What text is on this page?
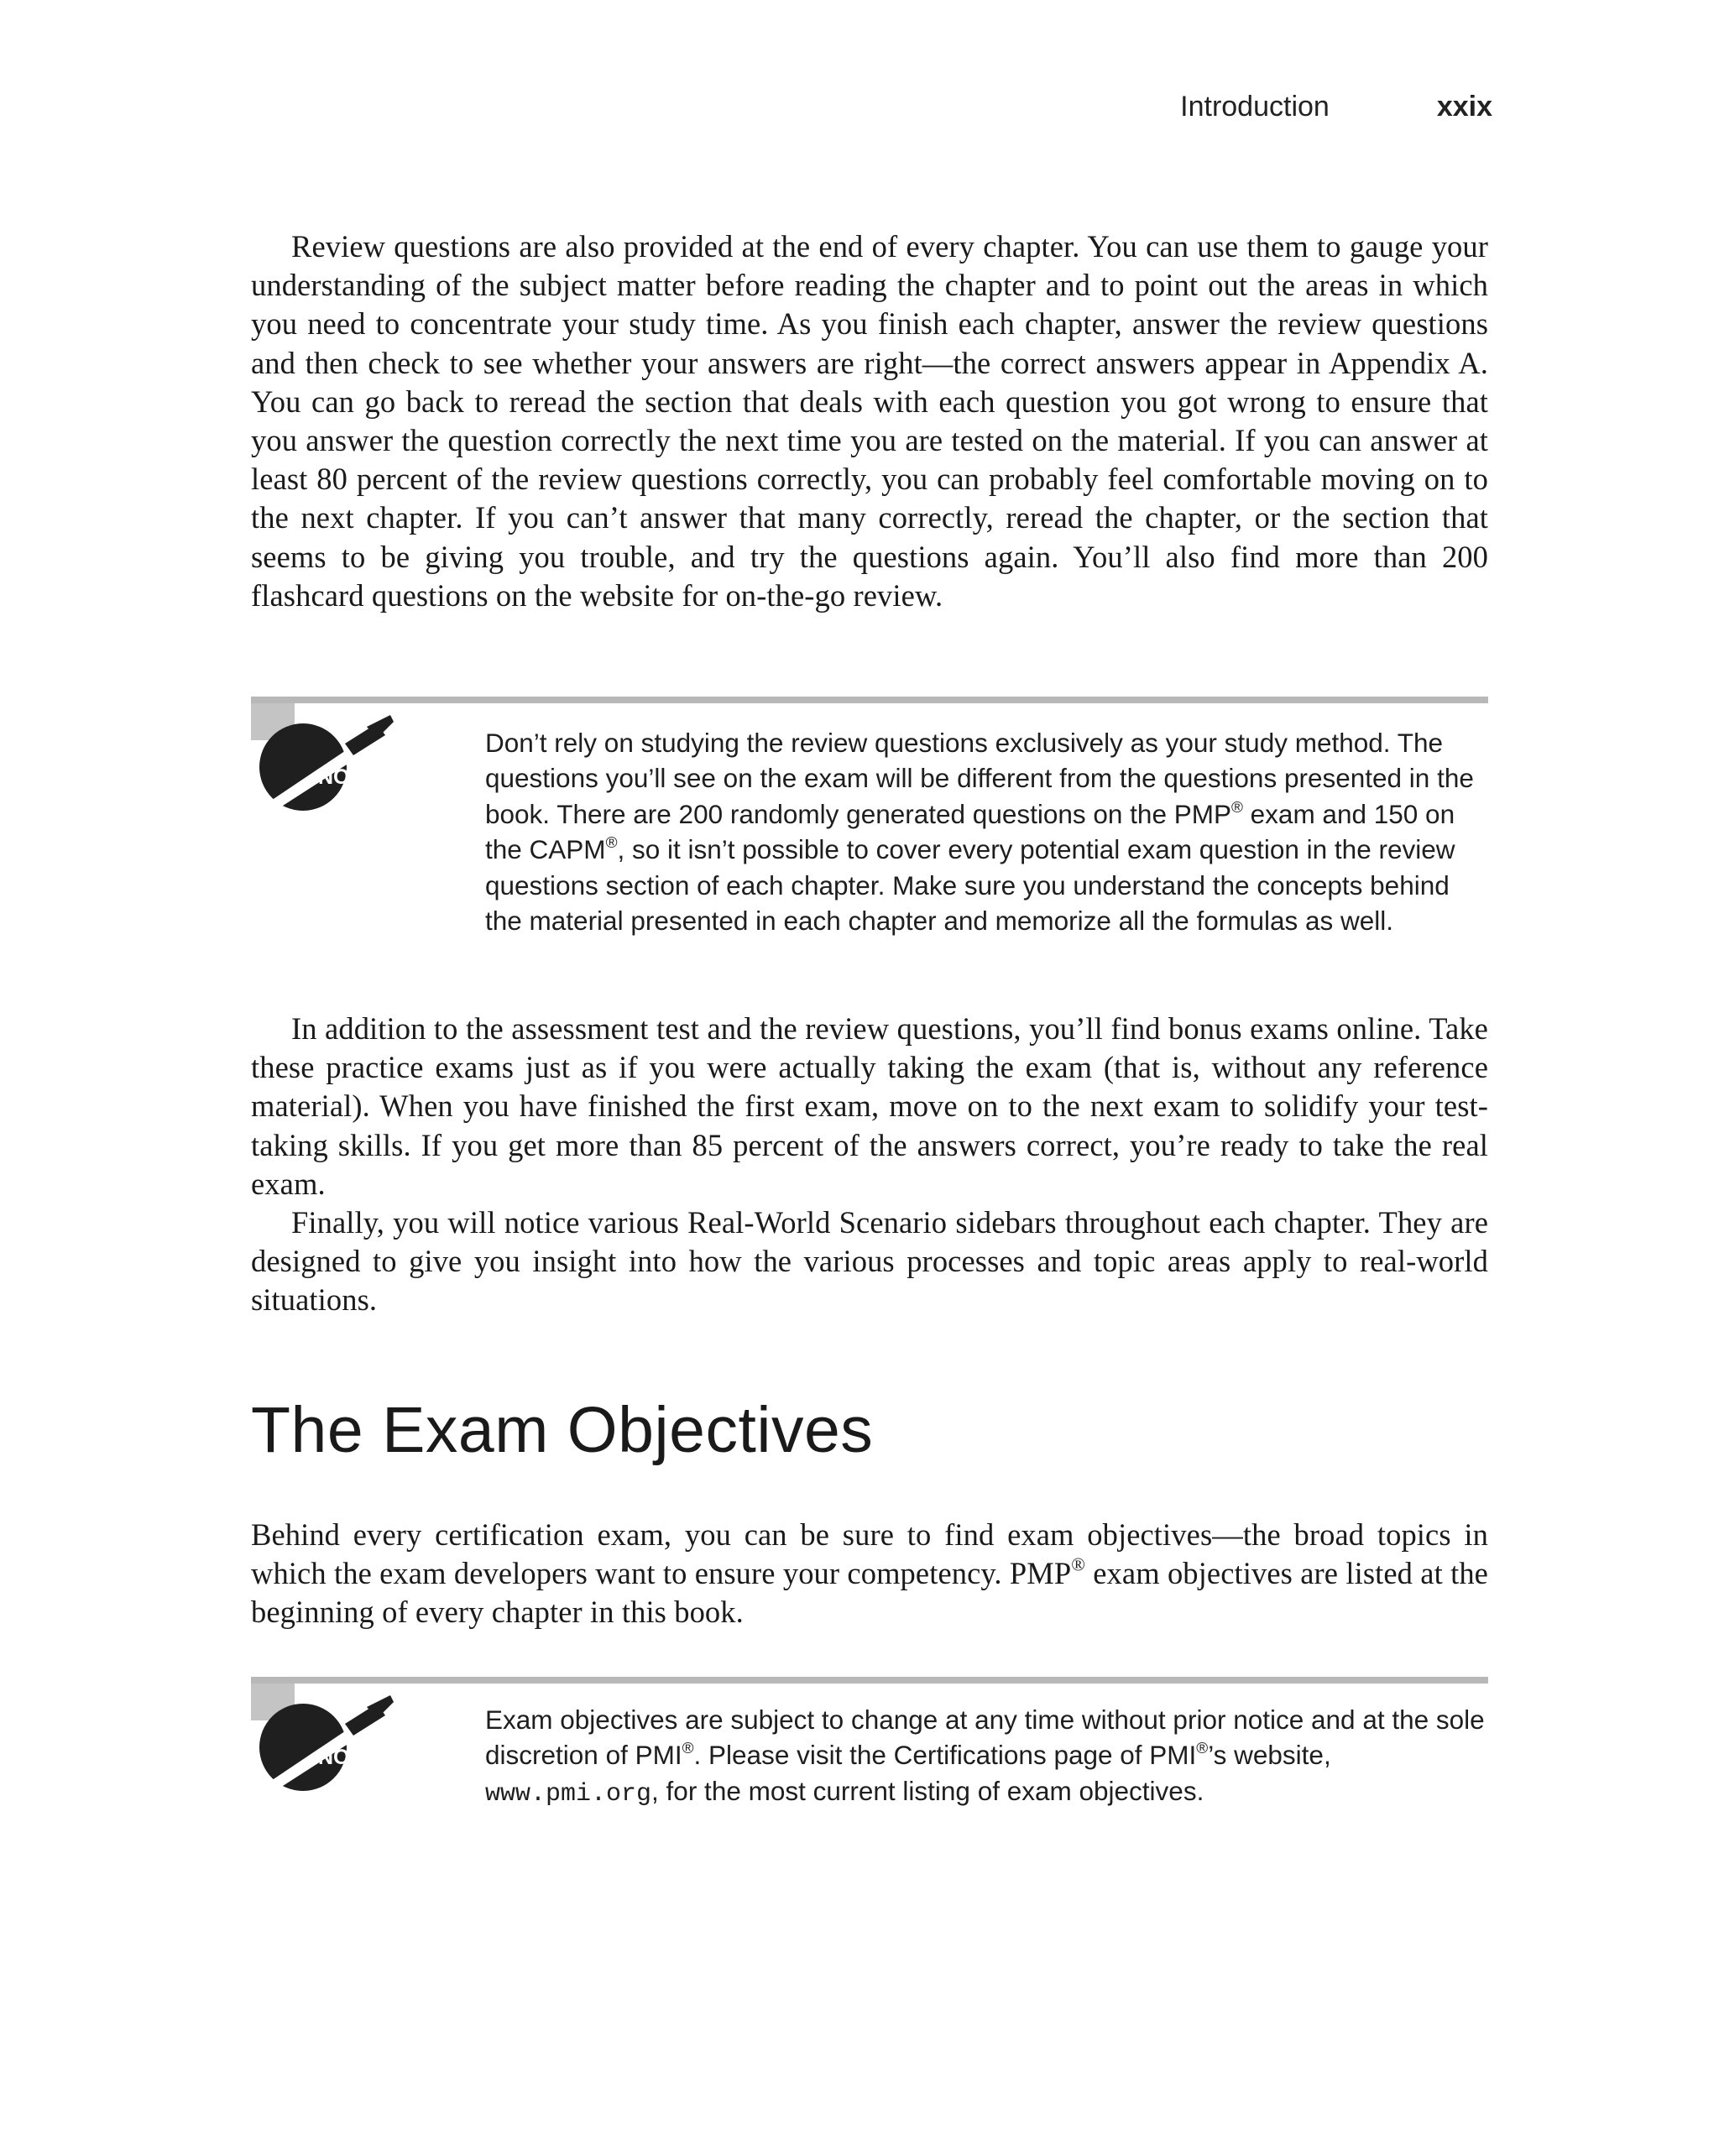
Introduction	xxix

Review questions are also provided at the end of every chapter. You can use them to gauge your understanding of the subject matter before reading the chapter and to point out the areas in which you need to concentrate your study time. As you finish each chapter, answer the review questions and then check to see whether your answers are right—the correct answers appear in Appendix A. You can go back to reread the section that deals with each question you got wrong to ensure that you answer the question correctly the next time you are tested on the material. If you can answer at least 80 percent of the review questions correctly, you can probably feel comfortable moving on to the next chapter. If you can’t answer that many correctly, reread the chapter, or the section that seems to be giving you trouble, and try the questions again. You’ll also find more than 200 flashcard questions on the website for on-the-go review.

NOTE

Don’t rely on studying the review questions exclusively as your study method. The questions you’ll see on the exam will be different from the questions presented in the book. There are 200 randomly generated questions on the PMP® exam and 150 on the CAPM®, so it isn’t possible to cover every potential exam question in the review questions section of each chapter. Make sure you understand the concepts behind the material presented in each chapter and memorize all the formulas as well.

In addition to the assessment test and the review questions, you’ll find bonus exams online. Take these practice exams just as if you were actually taking the exam (that is, without any reference material). When you have finished the first exam, move on to the next exam to solidify your test-taking skills. If you get more than 85 percent of the answers correct, you’re ready to take the real exam.

Finally, you will notice various Real-World Scenario sidebars throughout each chapter. They are designed to give you insight into how the various processes and topic areas apply to real-world situations.

The Exam Objectives

Behind every certification exam, you can be sure to find exam objectives—the broad topics in which the exam developers want to ensure your competency. PMP® exam objectives are listed at the beginning of every chapter in this book.

NOTE

Exam objectives are subject to change at any time without prior notice and at the sole discretion of PMI®. Please visit the Certifications page of PMI®’s website, www.pmi.org, for the most current listing of exam objectives.
